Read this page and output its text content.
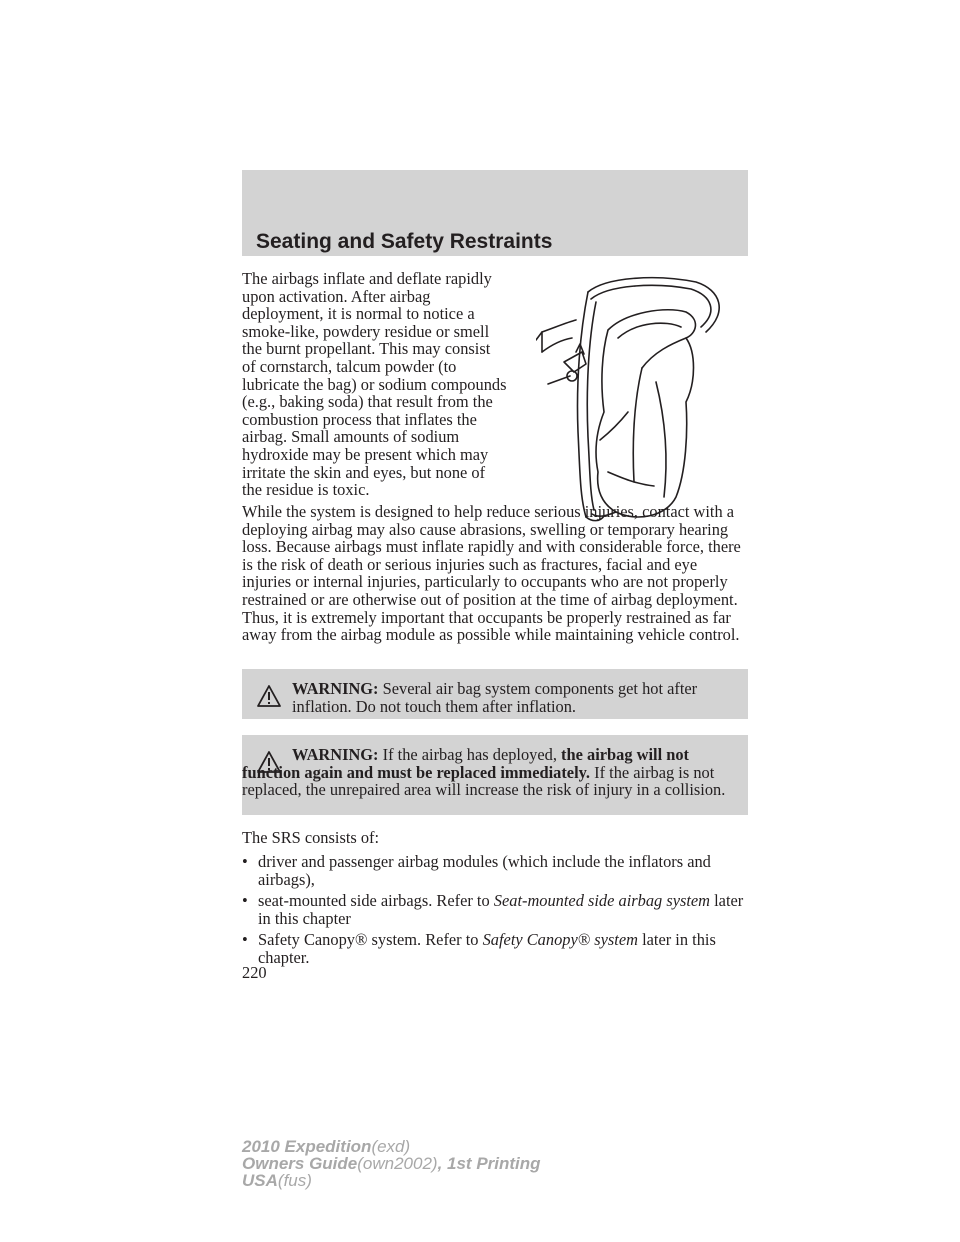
Seating and Safety Restraints
The airbags inflate and deflate rapidly upon activation. After airbag deployment, it is normal to notice a smoke-like, powdery residue or smell the burnt propellant. This may consist of cornstarch, talcum powder (to lubricate the bag) or sodium compounds (e.g., baking soda) that result from the combustion process that inflates the airbag. Small amounts of sodium hydroxide may be present which may irritate the skin and eyes, but none of the residue is toxic.
While the system is designed to help reduce serious injuries, contact with a deploying airbag may also cause abrasions, swelling or temporary hearing loss. Because airbags must inflate rapidly and with considerable force, there is the risk of death or serious injuries such as fractures, facial and eye injuries or internal injuries, particularly to occupants who are not properly restrained or are otherwise out of position at the time of airbag deployment. Thus, it is extremely important that occupants be properly restrained as far away from the airbag module as possible while maintaining vehicle control.
WARNING: Several air bag system components get hot after inflation. Do not touch them after inflation.
WARNING: If the airbag has deployed, the airbag will not function again and must be replaced immediately. If the airbag is not replaced, the unrepaired area will increase the risk of injury in a collision.
The SRS consists of:
• driver and passenger airbag modules (which include the inflators and airbags),
• seat-mounted side airbags. Refer to Seat-mounted side airbag system later in this chapter
• Safety Canopy® system. Refer to Safety Canopy® system later in this chapter.
220
2010 Expedition(exd)
Owners Guide(own2002), 1st Printing
USA(fus)
